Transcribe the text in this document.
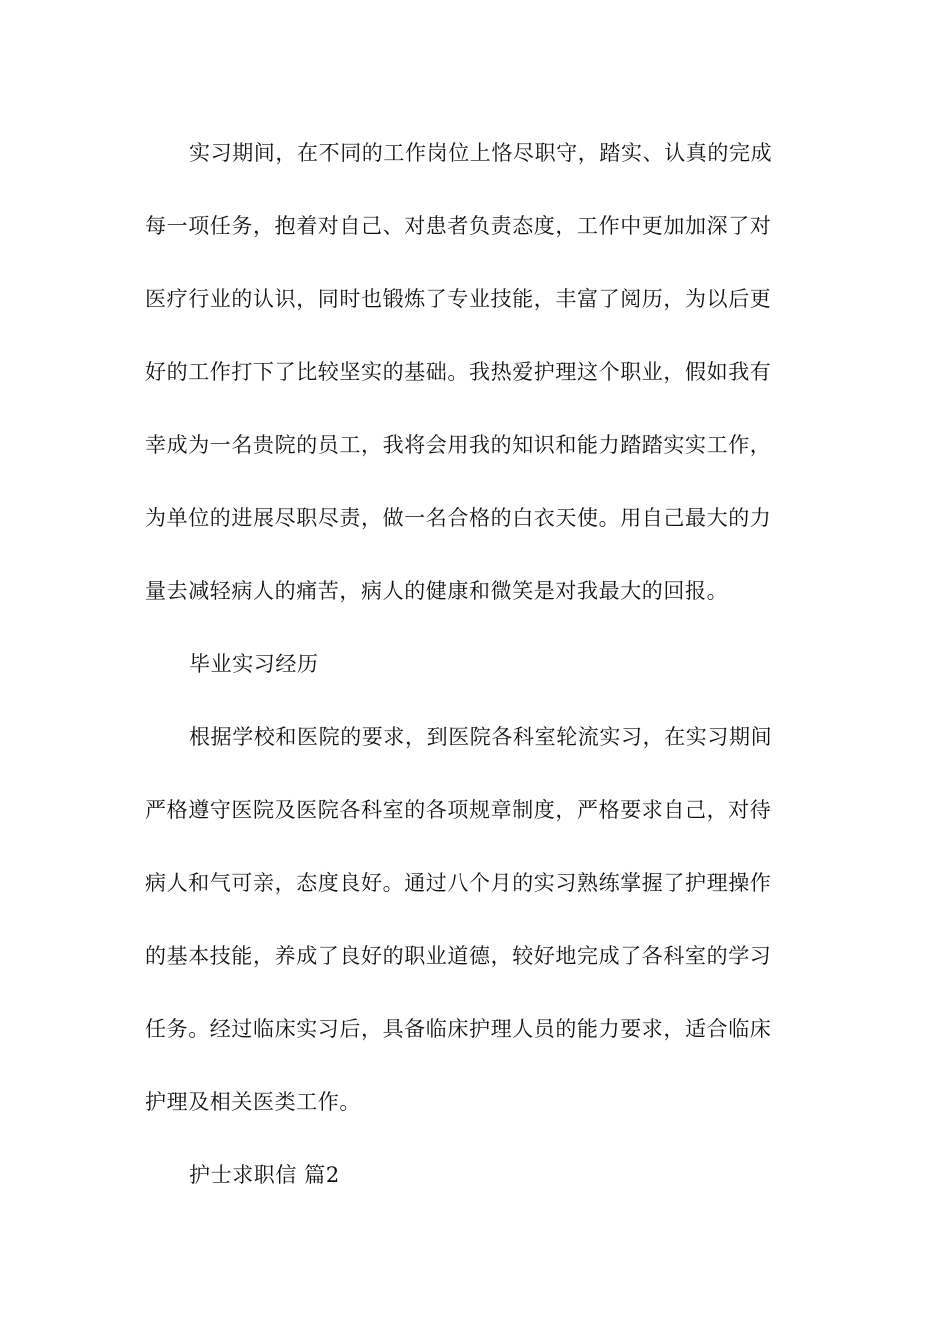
实习期间，在不同的工作岗位上恪尽职守，踏实、认真的完成
每一项任务，抱着对自己、对患者负责态度，工作中更加加深了对
医疗行业的认识，同时也锻炼了专业技能，丰富了阅历，为以后更
好的工作打下了比较坚实的基础。我热爱护理这个职业，假如我有
幸成为一名贵院的员工，我将会用我的知识和能力踏踏实实工作，
为单位的进展尽职尽责，做一名合格的白衣天使。用自己最大的力
量去减轻病人的痛苦，病人的健康和微笑是对我最大的回报。
毕业实习经历
根据学校和医院的要求，到医院各科室轮流实习，在实习期间
严格遵守医院及医院各科室的各项规章制度，严格要求自己，对待
病人和气可亲，态度良好。通过八个月的实习熟练掌握了护理操作
的基本技能，养成了良好的职业道德，较好地完成了各科室的学习
任务。经过临床实习后，具备临床护理人员的能力要求，适合临床
护理及相关医类工作。
护士求职信 篇2
